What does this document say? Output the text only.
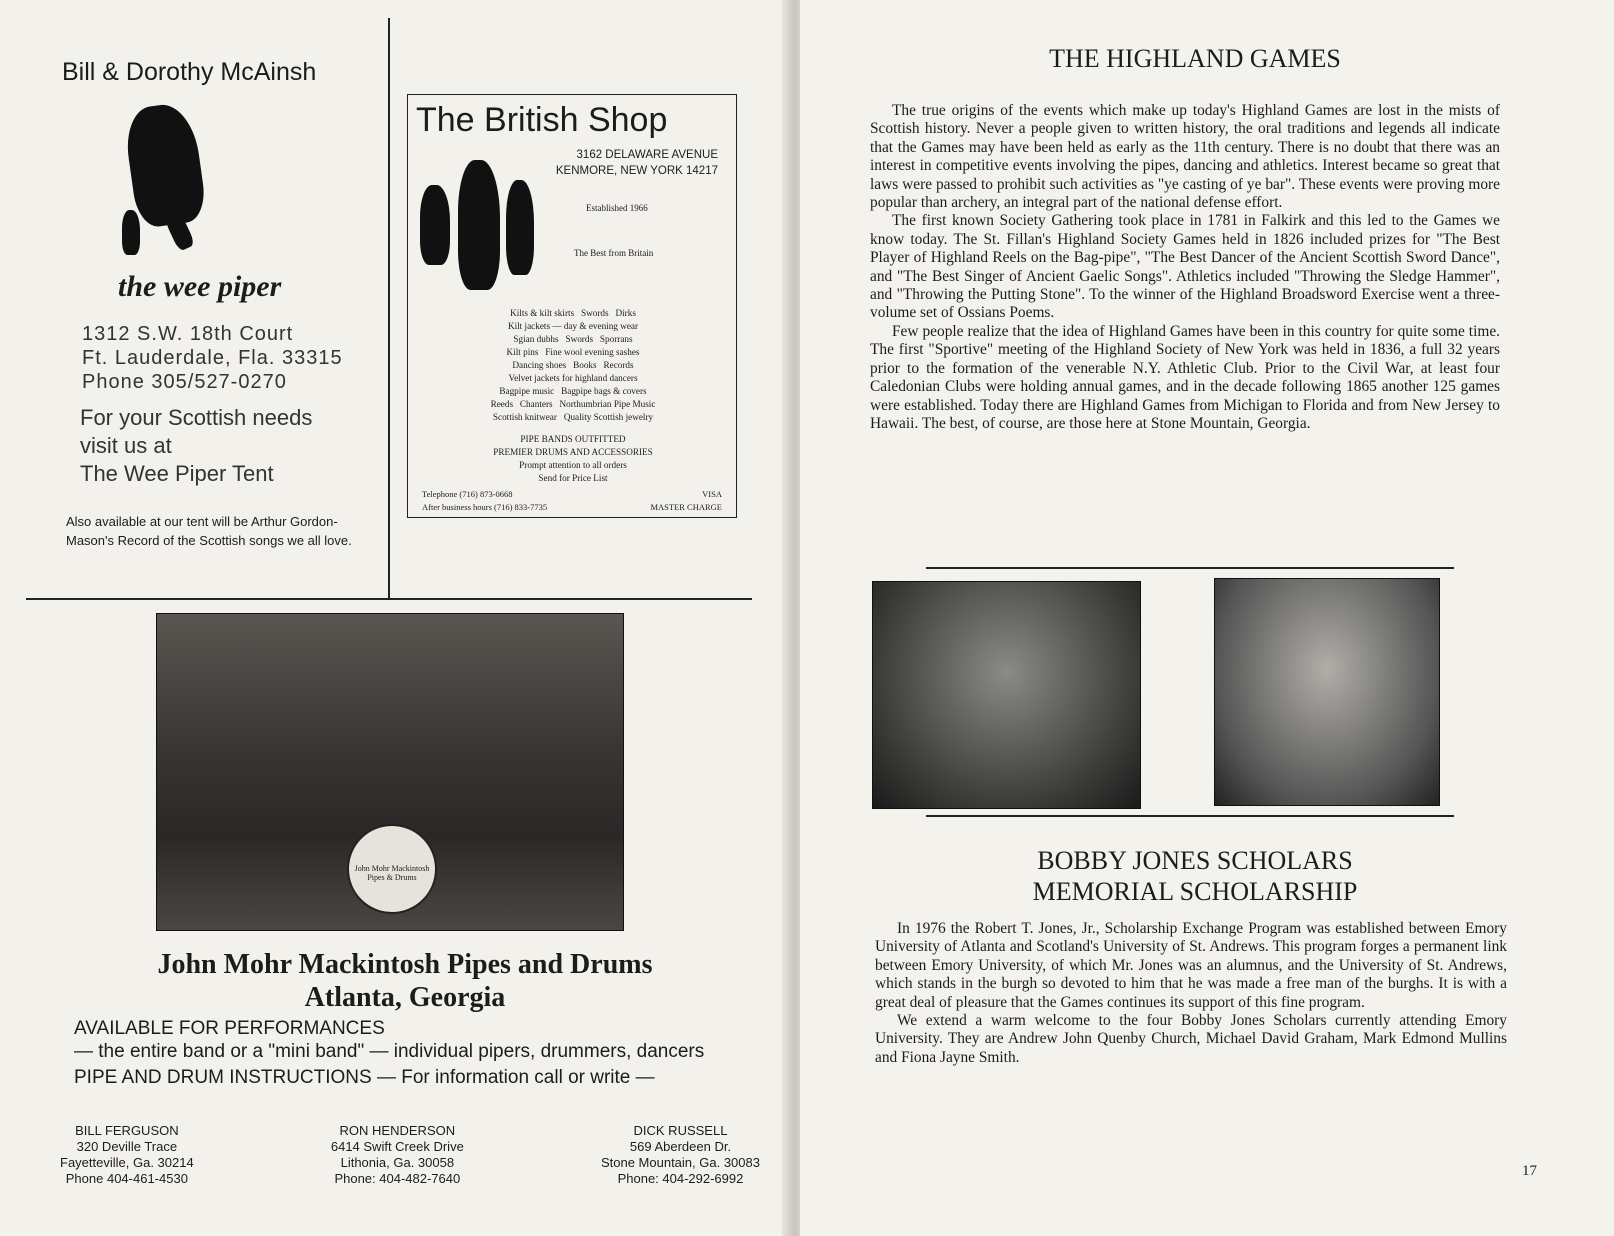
Bill & Dorothy McAinsh
the wee piper
1312 S.W. 18th Court
Ft. Lauderdale, Fla. 33315
Phone 305/527-0270
For your Scottish needs
visit us at
The Wee Piper Tent
Also available at our tent will be Arthur Gordon-Mason's Record of the Scottish songs we all love.
The British Shop
3162 DELAWARE AVENUE
KENMORE, NEW YORK 14217
Established 1966
The Best from Britain
Kilts & kilt skirts   Swords   Dirks
Kilt jackets — day & evening wear
Sgian dubhs   Swords   Sporrans
Kilt pins   Fine wool evening sashes
Dancing shoes   Books   Records
Velvet jackets for highland dancers
Bagpipe music   Bagpipe bags & covers
Reeds   Chanters   Northumbrian Pipe Music
Scottish knitwear   Quality Scottish jewelry
PIPE BANDS OUTFITTED
PREMIER DRUMS AND ACCESSORIES
Prompt attention to all orders
Send for Price List
Telephone (716) 873-0668
After business hours (716) 833-7735
VISA
MASTER CHARGE
John Mohr Mackintosh Pipes & Drums
John Mohr Mackintosh Pipes and Drums
Atlanta, Georgia
AVAILABLE FOR PERFORMANCES
— the entire band or a "mini band" — individual pipers, drummers, dancers
PIPE AND DRUM INSTRUCTIONS — For information call or write —
BILL FERGUSON
320 Deville Trace
Fayetteville, Ga. 30214
Phone 404-461-4530
RON HENDERSON
6414 Swift Creek Drive
Lithonia, Ga. 30058
Phone: 404-482-7640
DICK RUSSELL
569 Aberdeen Dr.
Stone Mountain, Ga. 30083
Phone: 404-292-6992
THE HIGHLAND GAMES

The true origins of the events which make up today's Highland Games are lost in the mists of Scottish history. Never a people given to written history, the oral traditions and legends all indicate that the Games may have been held as early as the 11th century. There is no doubt that there was an interest in competitive events involving the pipes, dancing and athletics. Interest became so great that laws were passed to prohibit such activities as "ye casting of ye bar". These events were proving more popular than archery, an integral part of the national defense effort.

The first known Society Gathering took place in 1781 in Falkirk and this led to the Games we know today. The St. Fillan's Highland Society Games held in 1826 included prizes for "The Best Player of Highland Reels on the Bag-pipe", "The Best Dancer of the Ancient Scottish Sword Dance", and "The Best Singer of Ancient Gaelic Songs". Athletics included "Throwing the Sledge Hammer", and "Throwing the Putting Stone". To the winner of the Highland Broadsword Exercise went a three-volume set of Ossians Poems.

Few people realize that the idea of Highland Games have been in this country for quite some time. The first "Sportive" meeting of the Highland Society of New York was held in 1836, a full 32 years prior to the formation of the venerable N.Y. Athletic Club. Prior to the Civil War, at least four Caledonian Clubs were holding annual games, and in the decade following 1865 another 125 games were established. Today there are Highland Games from Michigan to Florida and from New Jersey to Hawaii. The best, of course, are those here at Stone Mountain, Georgia.

BOBBY JONES SCHOLARS
MEMORIAL SCHOLARSHIP

In 1976 the Robert T. Jones, Jr., Scholarship Exchange Program was established between Emory University of Atlanta and Scotland's University of St. Andrews. This program forges a permanent link between Emory University, of which Mr. Jones was an alumnus, and the University of St. Andrews, which stands in the burgh so devoted to him that he was made a free man of the burghs. It is with a great deal of pleasure that the Games continues its support of this fine program.

We extend a warm welcome to the four Bobby Jones Scholars currently attending Emory University. They are Andrew John Quenby Church, Michael David Graham, Mark Edmond Mullins and Fiona Jayne Smith.

17
